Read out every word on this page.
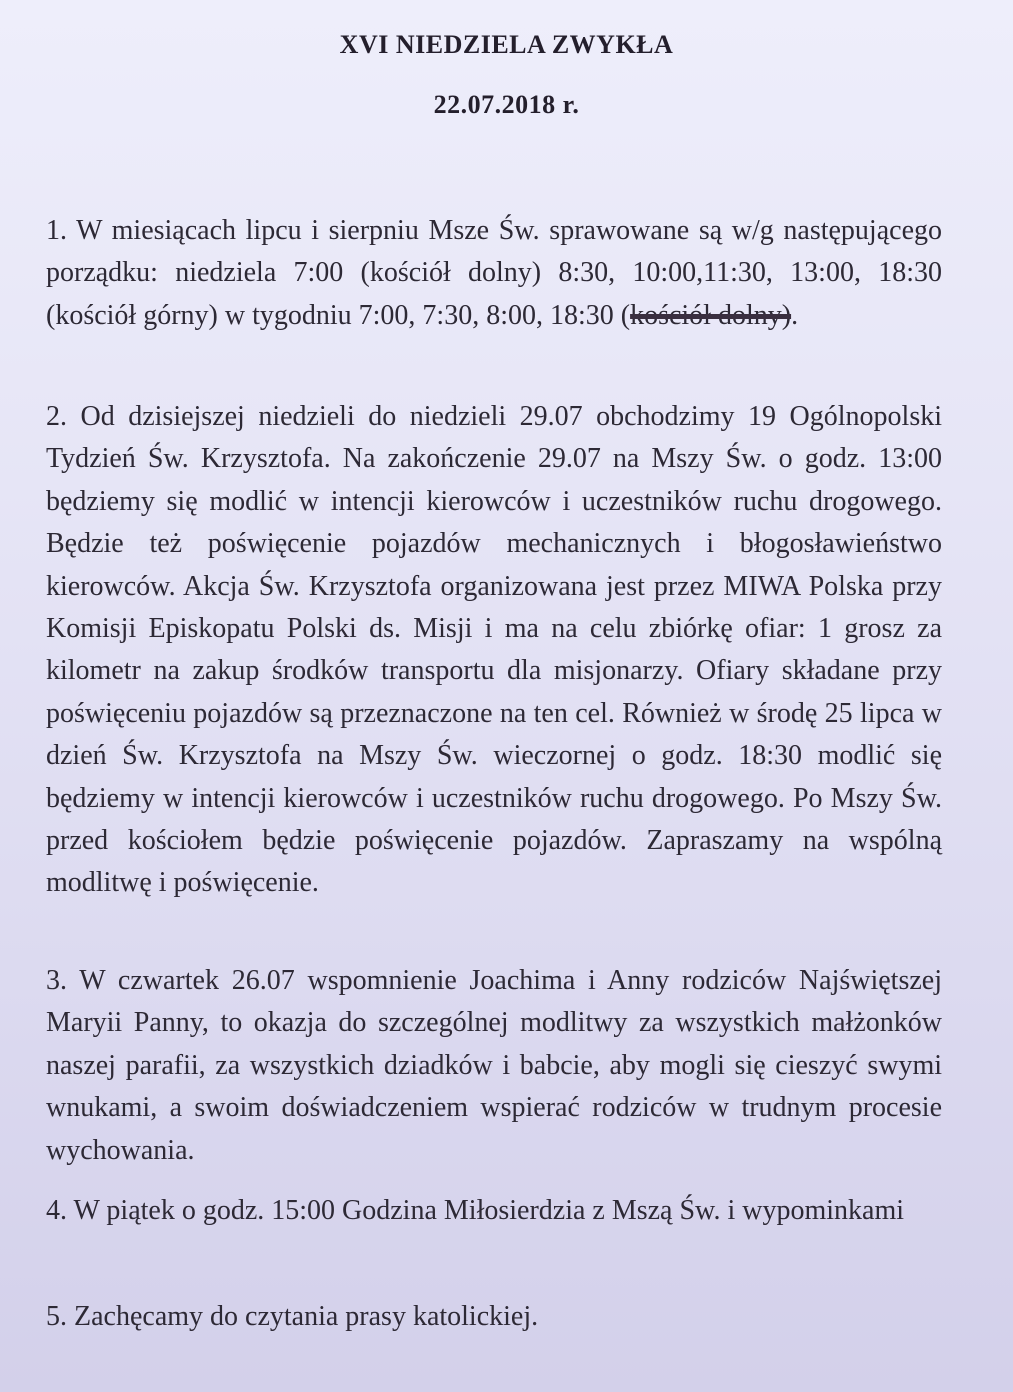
XVI NIEDZIELA ZWYKŁA
22.07.2018 r.
1. W miesiącach lipcu i sierpniu Msze Św. sprawowane są w/g następującego porządku: niedziela 7:00 (kościół dolny) 8:30, 10:00,11:30, 13:00, 18:30 (kościół górny) w tygodniu 7:00, 7:30, 8:00, 18:30 (kościół dolny).
2. Od dzisiejszej niedzieli do niedzieli 29.07 obchodzimy 19 Ogólnopolski Tydzień Św. Krzysztofa. Na zakończenie 29.07 na Mszy Św. o godz. 13:00 będziemy się modlić w intencji kierowców i uczestników ruchu drogowego. Będzie też poświęcenie pojazdów mechanicznych i błogosławieństwo kierowców. Akcja Św. Krzysztofa organizowana jest przez MIWA Polska przy Komisji Episkopatu Polski ds. Misji i ma na celu zbiórkę ofiar: 1 grosz za kilometr na zakup środków transportu dla misjonarzy. Ofiary składane przy poświęceniu pojazdów są przeznaczone na ten cel. Również w środę 25 lipca w dzień Św. Krzysztofa na Mszy Św. wieczornej o godz. 18:30 modlić się będziemy w intencji kierowców i uczestników ruchu drogowego. Po Mszy Św. przed kościołem będzie poświęcenie pojazdów. Zapraszamy na wspólną modlitwę i poświęcenie.
3. W czwartek 26.07 wspomnienie Joachima i Anny rodziców Najświętszej Maryii Panny, to okazja do szczególnej modlitwy za wszystkich małżonków naszej parafii, za wszystkich dziadków i babcie, aby mogli się cieszyć swymi wnukami, a swoim doświadczeniem wspierać rodziców w trudnym procesie wychowania.
4. W piątek o godz. 15:00 Godzina Miłosierdzia z Mszą Św. i wypominkami
5. Zachęcamy do czytania prasy katolickiej.
